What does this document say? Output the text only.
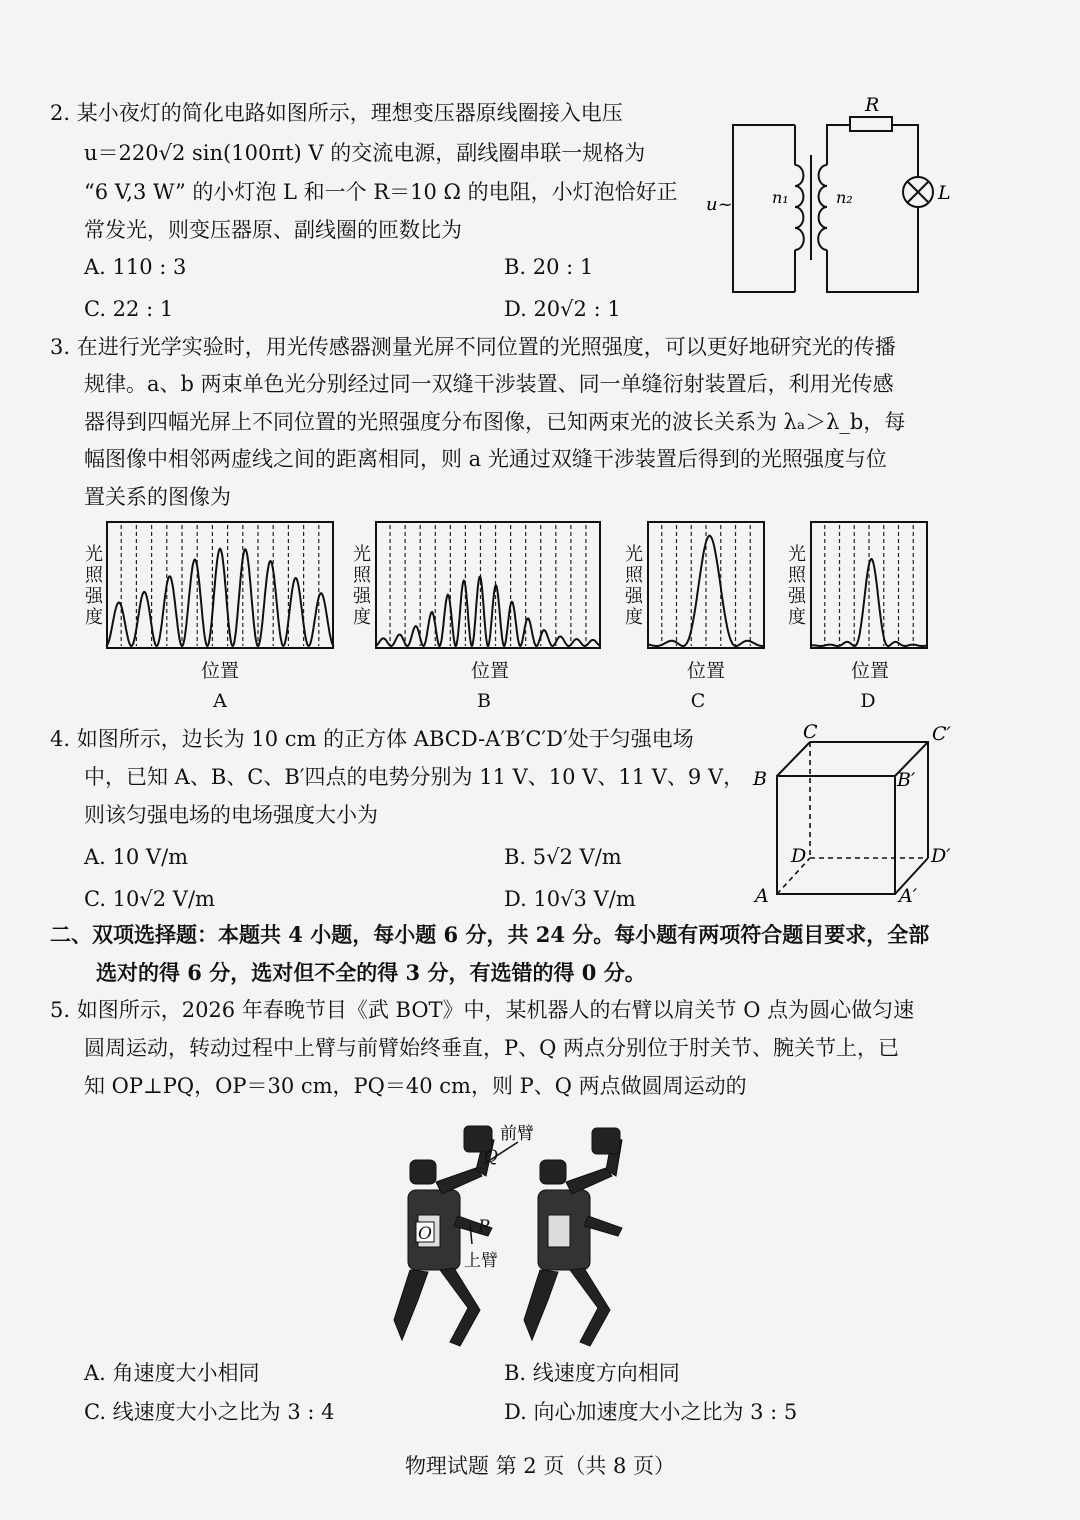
2. 某小夜灯的简化电路如图所示，理想变压器原线圈接入电压
u＝220√2 sin(100πt) V 的交流电源，副线圈串联一规格为
“6 V,3 W” 的小灯泡 L 和一个 R＝10 Ω 的电阻，小灯泡恰好正
常发光，则变压器原、副线圈的匝数比为
A. 110 : 3	B. 20 : 1
C. 22 : 1	D. 20√2 : 1
R
u~ n₁	n₂	L
3. 在进行光学实验时，用光传感器测量光屏不同位置的光照强度，可以更好地研究光的传播
规律。a、b 两束单色光分别经过同一双缝干涉装置、同一单缝衍射装置后，利用光传感
器得到四幅光屏上不同位置的光照强度分布图像，已知两束光的波长关系为 λₐ＞λ_b，每
幅图像中相邻两虚线之间的距离相同，则 a 光通过双缝干涉装置后得到的光照强度与位
置关系的图像为
光
照
强
度
位置
A
光
照
强
度
位置
B
光
照
强
度
位置
C
光
照
强
度
位置
D
4. 如图所示，边长为 10 cm 的正方体 ABCD-A′B′C′D′处于匀强电场
中，已知 A、B、C、B′四点的电势分别为 11 V、10 V、11 V、9 V，
则该匀强电场的电场强度大小为
A. 10 V/m	B. 5√2 V/m
C. 10√2 V/m	D. 10√3 V/m
C	C′
B	B′
D	D′
A	A′
二、双项选择题：本题共 4 小题，每小题 6 分，共 24 分。每小题有两项符合题目要求，全部
选对的得 6 分，选对但不全的得 3 分，有选错的得 0 分。
5. 如图所示，2026 年春晚节目《武 BOT》中，某机器人的右臂以肩关节 O 点为圆心做匀速
圆周运动，转动过程中上臂与前臂始终垂直，P、Q 两点分别位于肘关节、腕关节上，已
知 OP⊥PQ，OP＝30 cm，PQ＝40 cm，则 P、Q 两点做圆周运动的
前臂
Q
P
O
上臂
A. 角速度大小相同	B. 线速度方向相同
C. 线速度大小之比为 3 : 4	D. 向心加速度大小之比为 3 : 5
物理试题 第 2 页（共 8 页）
